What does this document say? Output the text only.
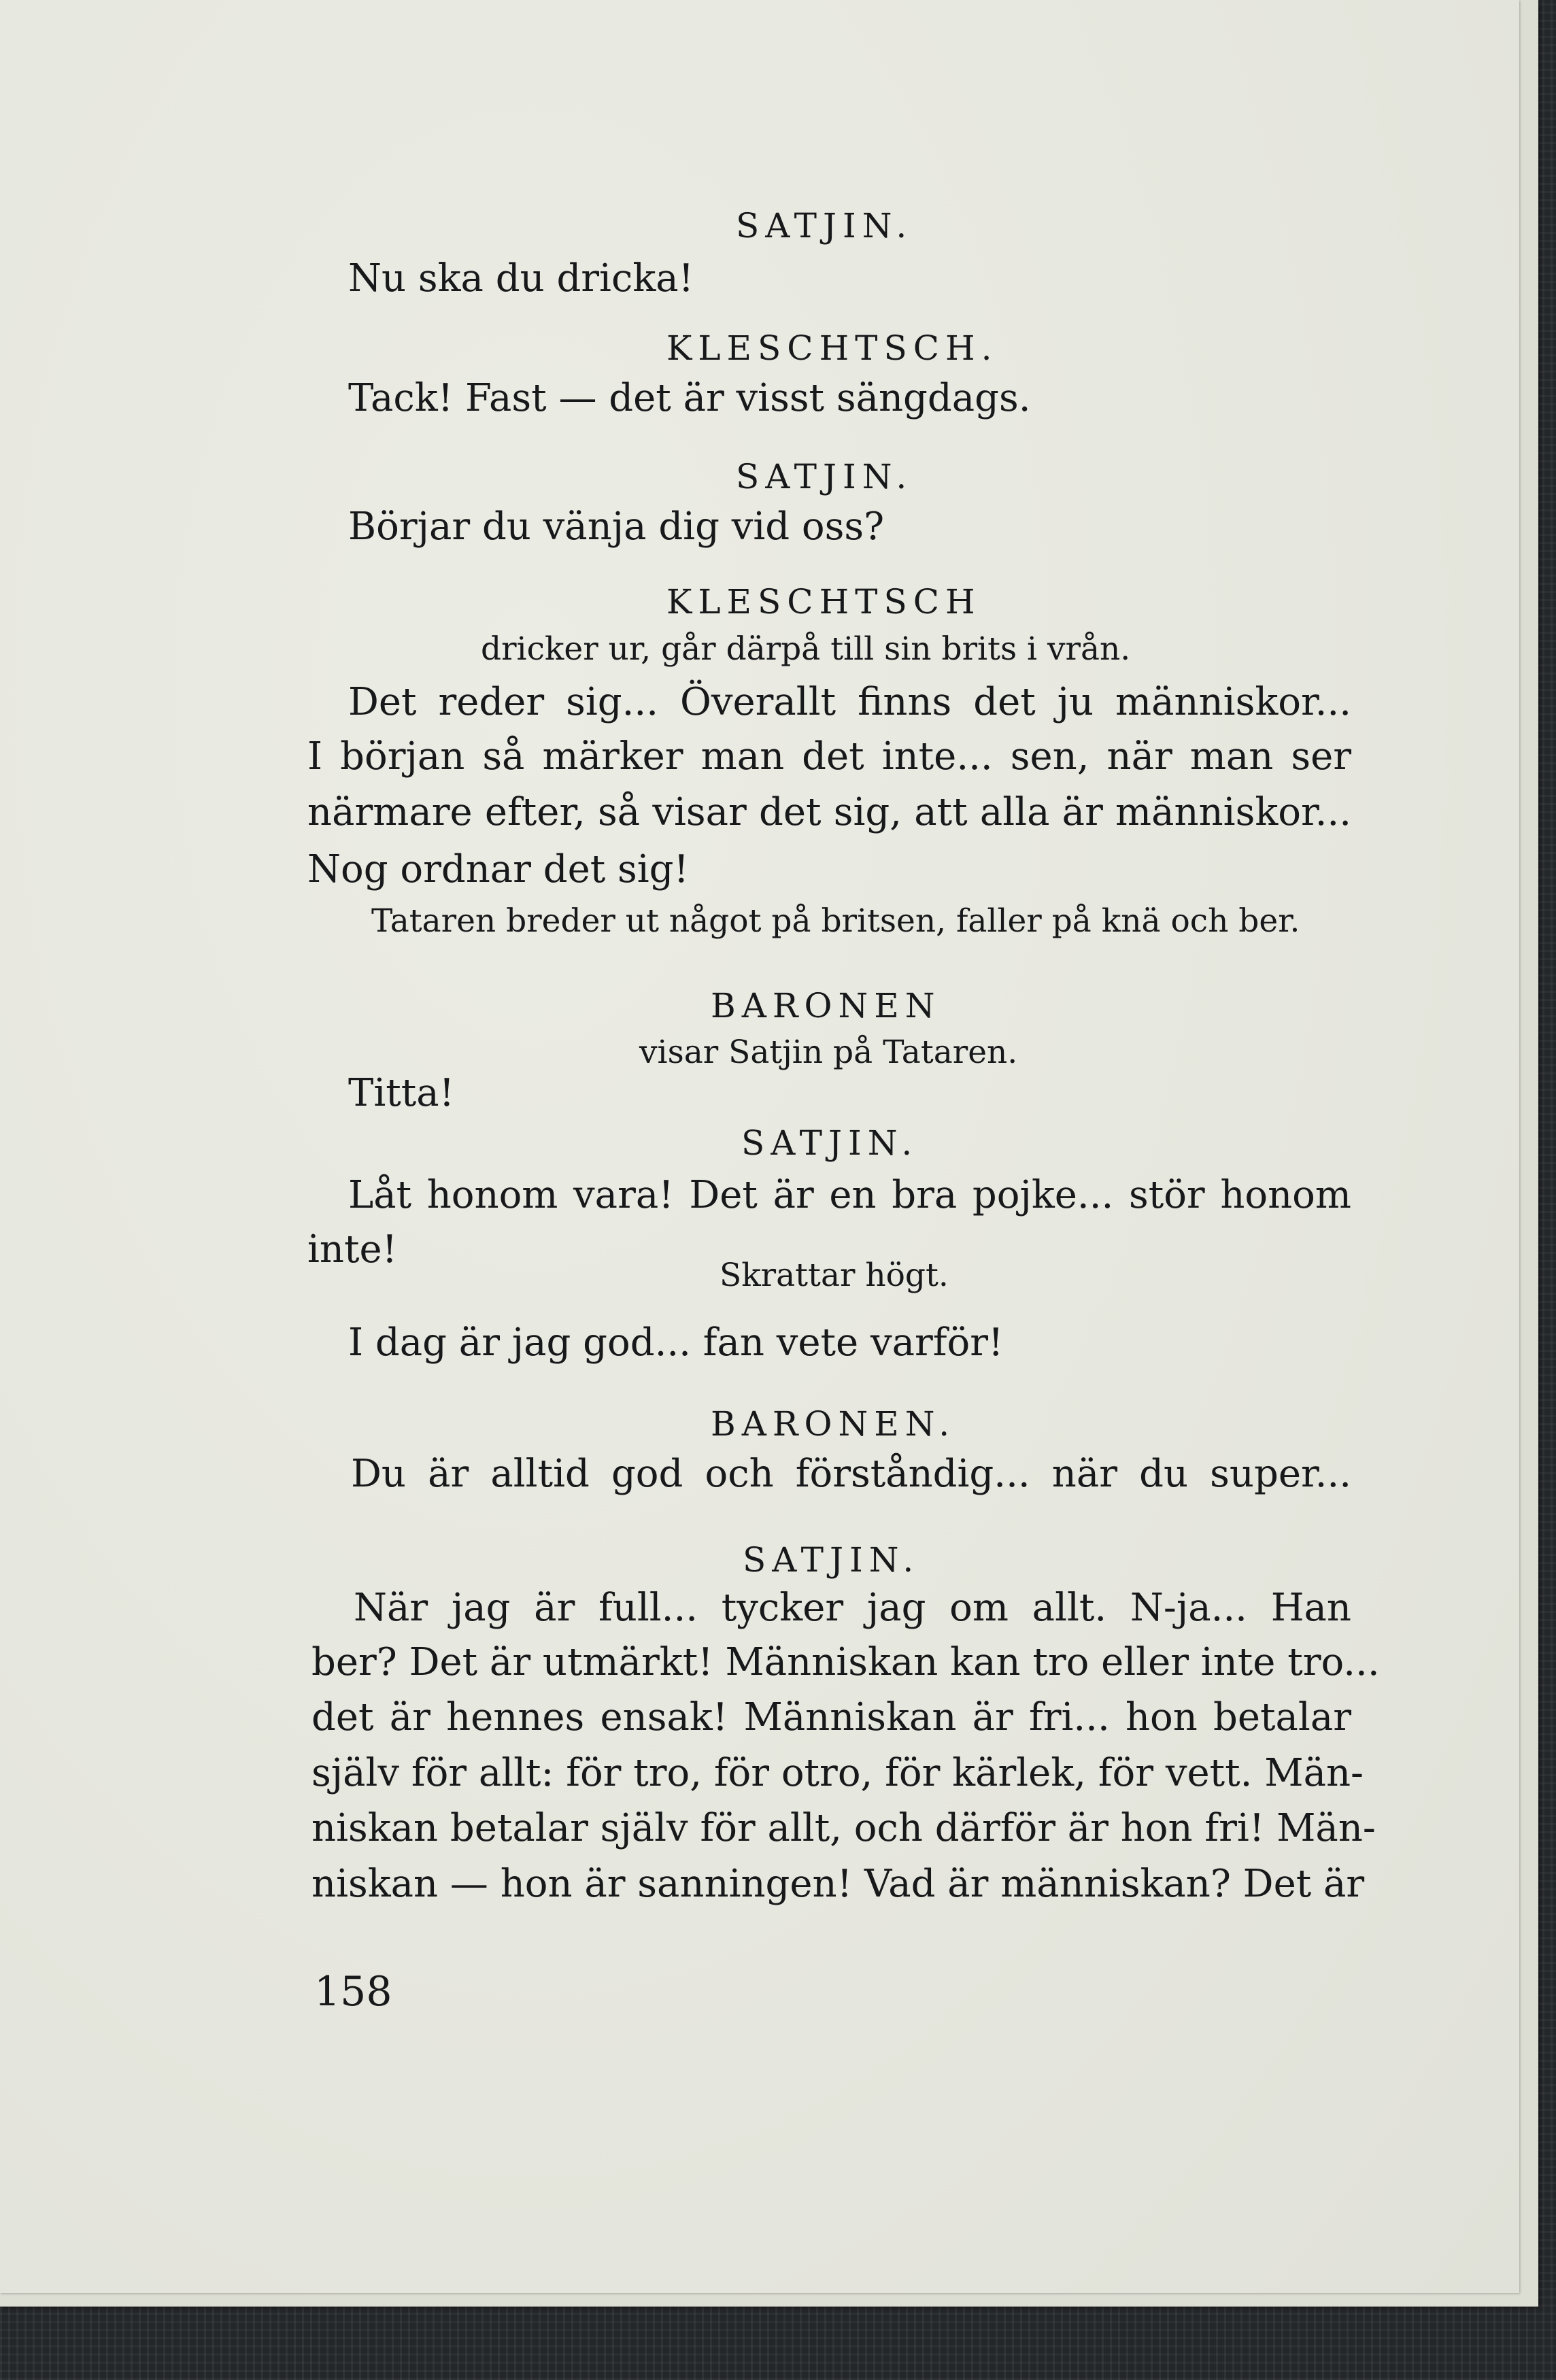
SATJIN.

Nu ska du dricka!

KLESCHTSCH.

Tack! Fast — det är visst sängdags.

SATJIN.

Börjar du vänja dig vid oss?

KLESCHTSCH

dricker ur, går därpå till sin brits i vrån.

Det reder sig... Överallt finns det ju människor...

I början så märker man det inte... sen, när man ser

närmare efter, så visar det sig, att alla är människor...

Nog ordnar det sig!

Tataren breder ut något på britsen, faller på knä och ber.

BARONEN

visar Satjin på Tataren.

Titta!

SATJIN.

Låt honom vara! Det är en bra pojke... stör honom

inte!

Skrattar högt.

I dag är jag god... fan vete varför!

BARONEN.

Du är alltid god och förståndig... när du super...

SATJIN.

När jag är full... tycker jag om allt. N-ja... Han

ber? Det är utmärkt! Människan kan tro eller inte tro...

det är hennes ensak! Människan är fri... hon betalar

själv för allt: för tro, för otro, för kärlek, för vett. Män-

niskan betalar själv för allt, och därför är hon fri! Män-

niskan — hon är sanningen! Vad är människan? Det är

158
